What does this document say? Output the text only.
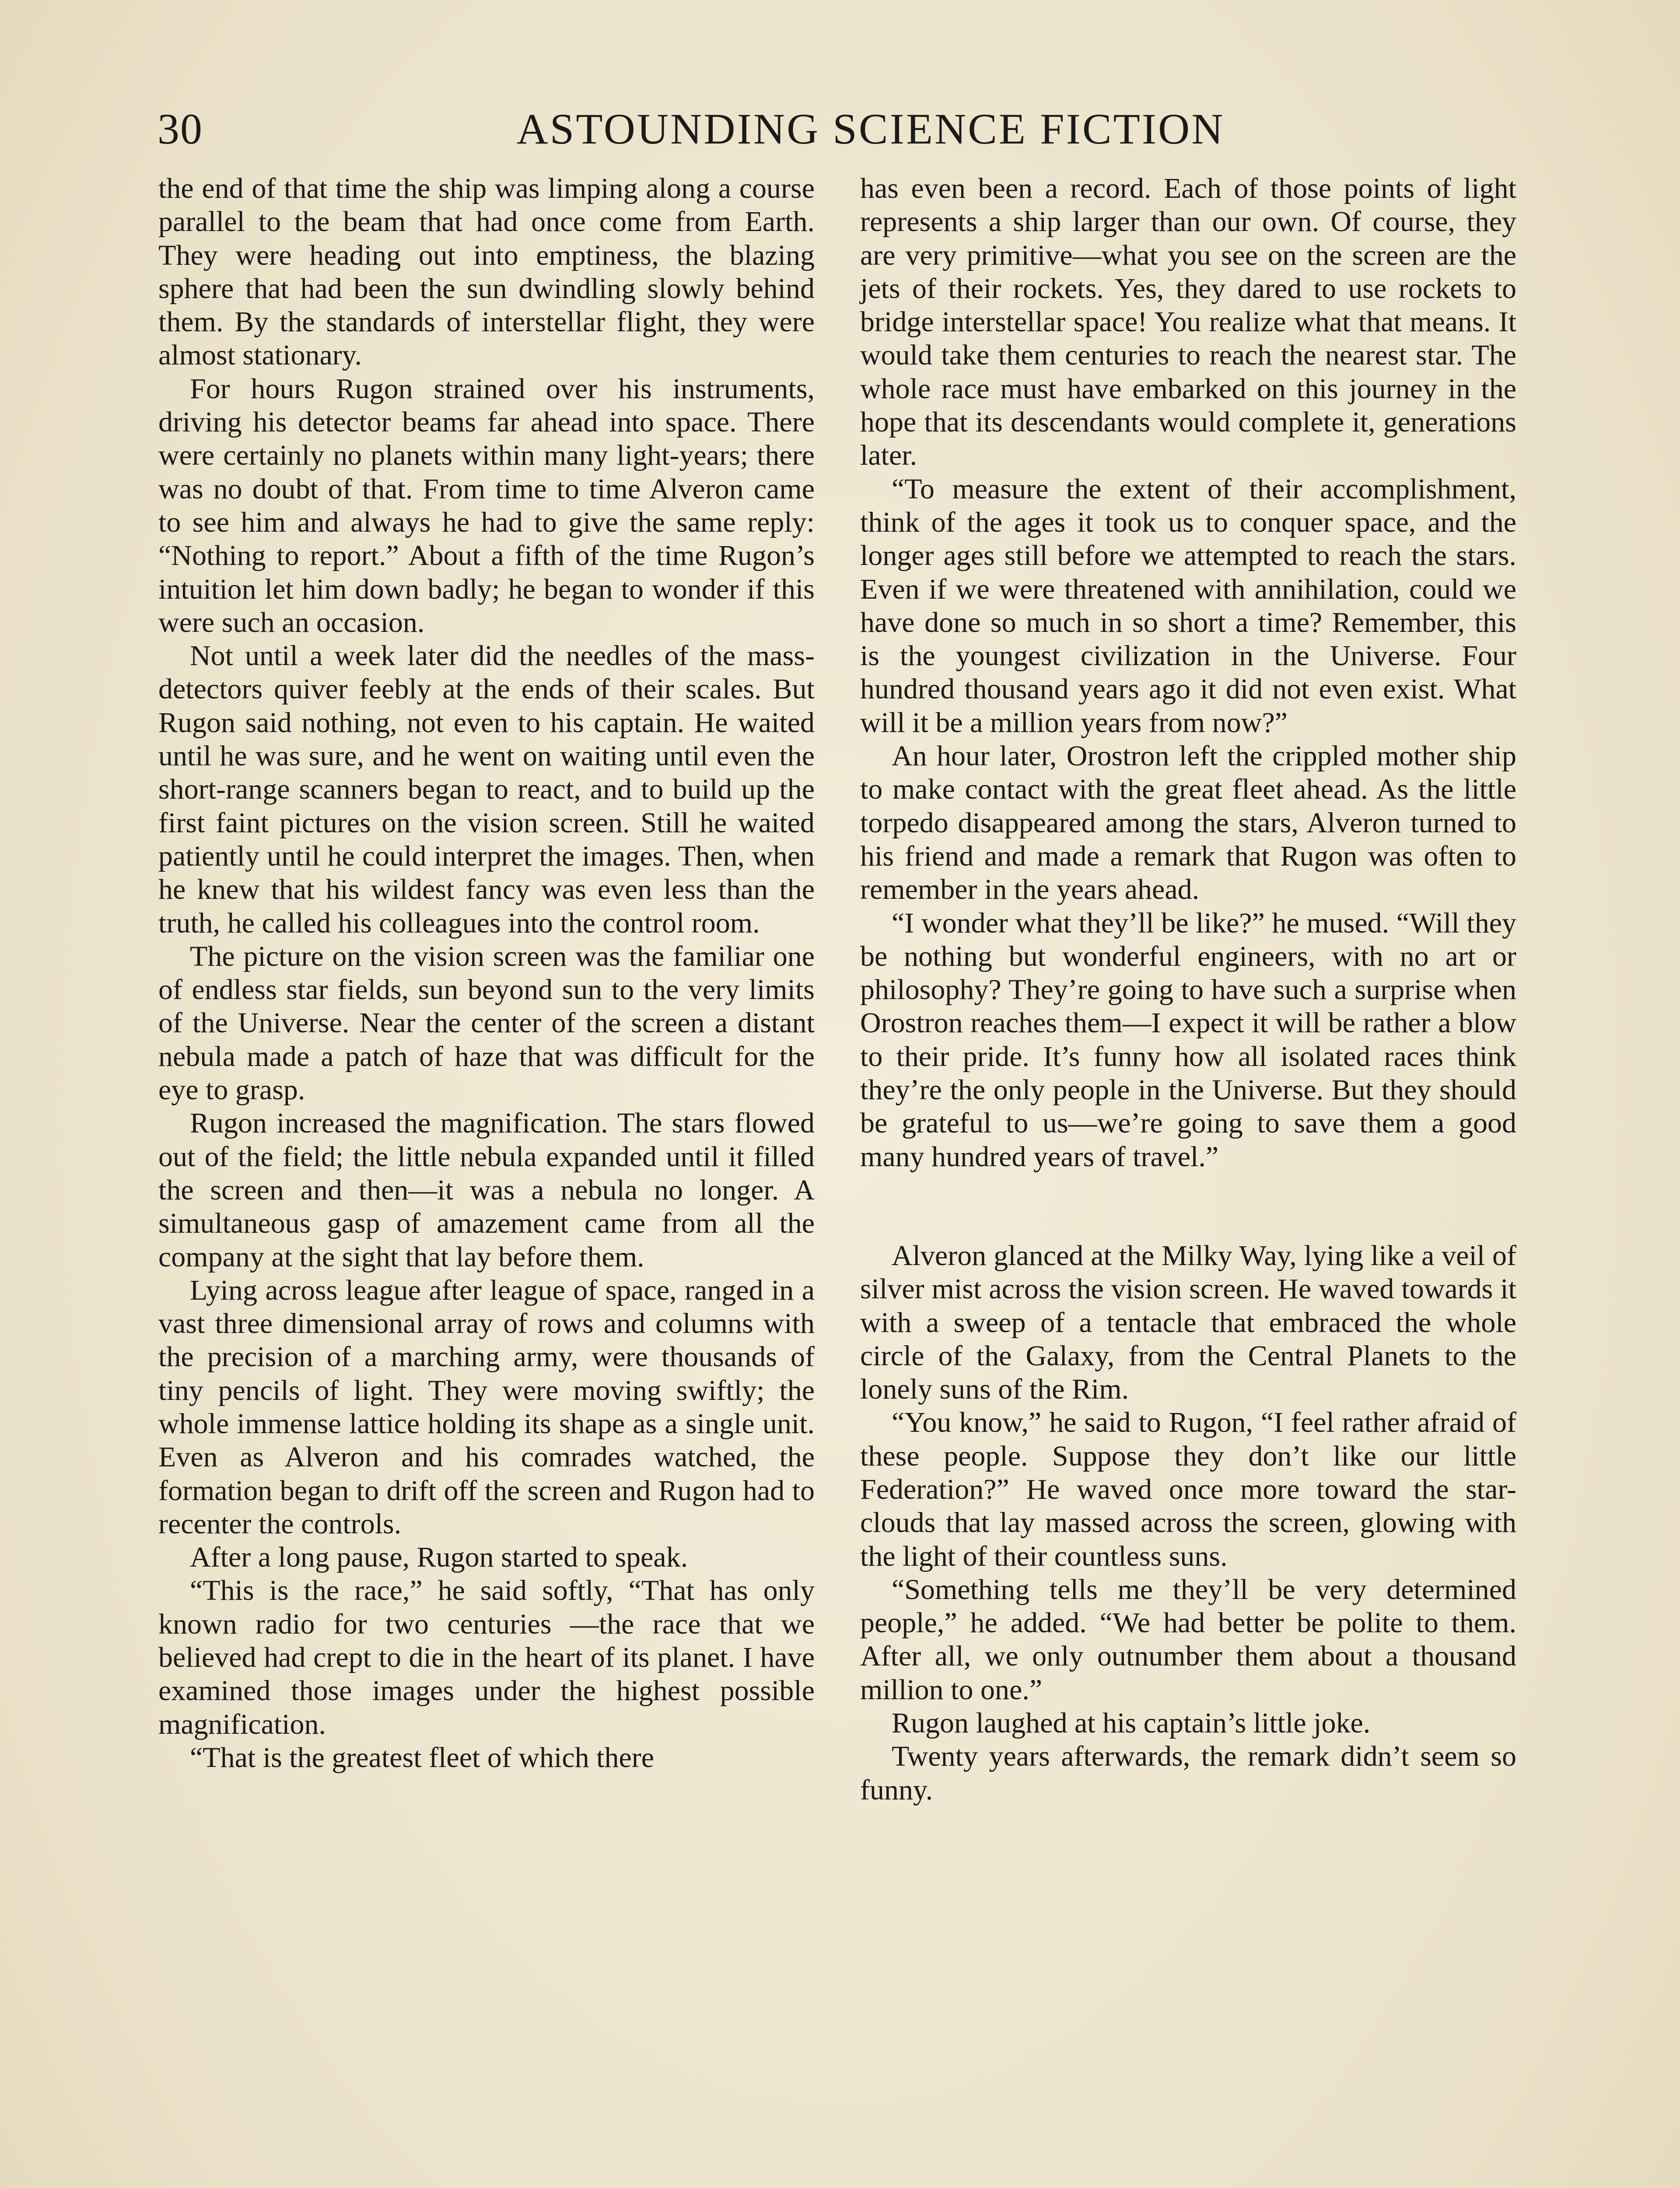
30	ASTOUNDING SCIENCE FICTION

the end of that time the ship was limping along a course parallel to the beam that had once come from Earth. They were heading out into emptiness, the blazing sphere that had been the sun dwindling slowly behind them. By the standards of interstellar flight, they were almost stationary.

For hours Rugon strained over his instruments, driving his detector beams far ahead into space. There were certainly no planets within many light-years; there was no doubt of that. From time to time Alveron came to see him and always he had to give the same reply: “Nothing to report.” About a fifth of the time Rugon’s intuition let him down badly; he began to wonder if this were such an occasion.

Not until a week later did the needles of the mass-detectors quiver feebly at the ends of their scales. But Rugon said nothing, not even to his captain. He waited until he was sure, and he went on waiting until even the short-range scanners began to react, and to build up the first faint pictures on the vision screen. Still he waited patiently until he could interpret the images. Then, when he knew that his wildest fancy was even less than the truth, he called his colleagues into the control room.

The picture on the vision screen was the familiar one of endless star fields, sun beyond sun to the very limits of the Universe. Near the center of the screen a distant nebula made a patch of haze that was difficult for the eye to grasp.

Rugon increased the magnification. The stars flowed out of the field; the little nebula expanded until it filled the screen and then—it was a nebula no longer. A simultaneous gasp of amazement came from all the company at the sight that lay before them.

Lying across league after league of space, ranged in a vast three dimensional array of rows and columns with the precision of a marching army, were thousands of tiny pencils of light. They were moving swiftly; the whole immense lattice holding its shape as a single unit. Even as Alveron and his comrades watched, the formation began to drift off the screen and Rugon had to recenter the controls.

After a long pause, Rugon started to speak.

“This is the race,” he said softly, “That has only known radio for two centuries —the race that we believed had crept to die in the heart of its planet. I have examined those images under the highest possible magnification.

“That is the greatest fleet of which there

has even been a record. Each of those points of light represents a ship larger than our own. Of course, they are very primitive—what you see on the screen are the jets of their rockets. Yes, they dared to use rockets to bridge interstellar space! You realize what that means. It would take them centuries to reach the nearest star. The whole race must have embarked on this journey in the hope that its descendants would complete it, generations later.

“To measure the extent of their accomplishment, think of the ages it took us to conquer space, and the longer ages still before we attempted to reach the stars. Even if we were threatened with annihilation, could we have done so much in so short a time? Remember, this is the youngest civilization in the Universe. Four hundred thousand years ago it did not even exist. What will it be a million years from now?”

An hour later, Orostron left the crippled mother ship to make contact with the great fleet ahead. As the little torpedo disappeared among the stars, Alveron turned to his friend and made a remark that Rugon was often to remember in the years ahead.

“I wonder what they’ll be like?” he mused. “Will they be nothing but wonderful engineers, with no art or philosophy? They’re going to have such a surprise when Orostron reaches them—I expect it will be rather a blow to their pride. It’s funny how all isolated races think they’re the only people in the Universe. But they should be grateful to us—we’re going to save them a good many hundred years of travel.”

Alveron glanced at the Milky Way, lying like a veil of silver mist across the vision screen. He waved towards it with a sweep of a tentacle that embraced the whole circle of the Galaxy, from the Central Planets to the lonely suns of the Rim.

“You know,” he said to Rugon, “I feel rather afraid of these people. Suppose they don’t like our little Federation?” He waved once more toward the star-clouds that lay massed across the screen, glowing with the light of their countless suns.

“Something tells me they’ll be very determined people,” he added. “We had better be polite to them. After all, we only outnumber them about a thousand million to one.”

Rugon laughed at his captain’s little joke.

Twenty years afterwards, the remark didn’t seem so funny.
